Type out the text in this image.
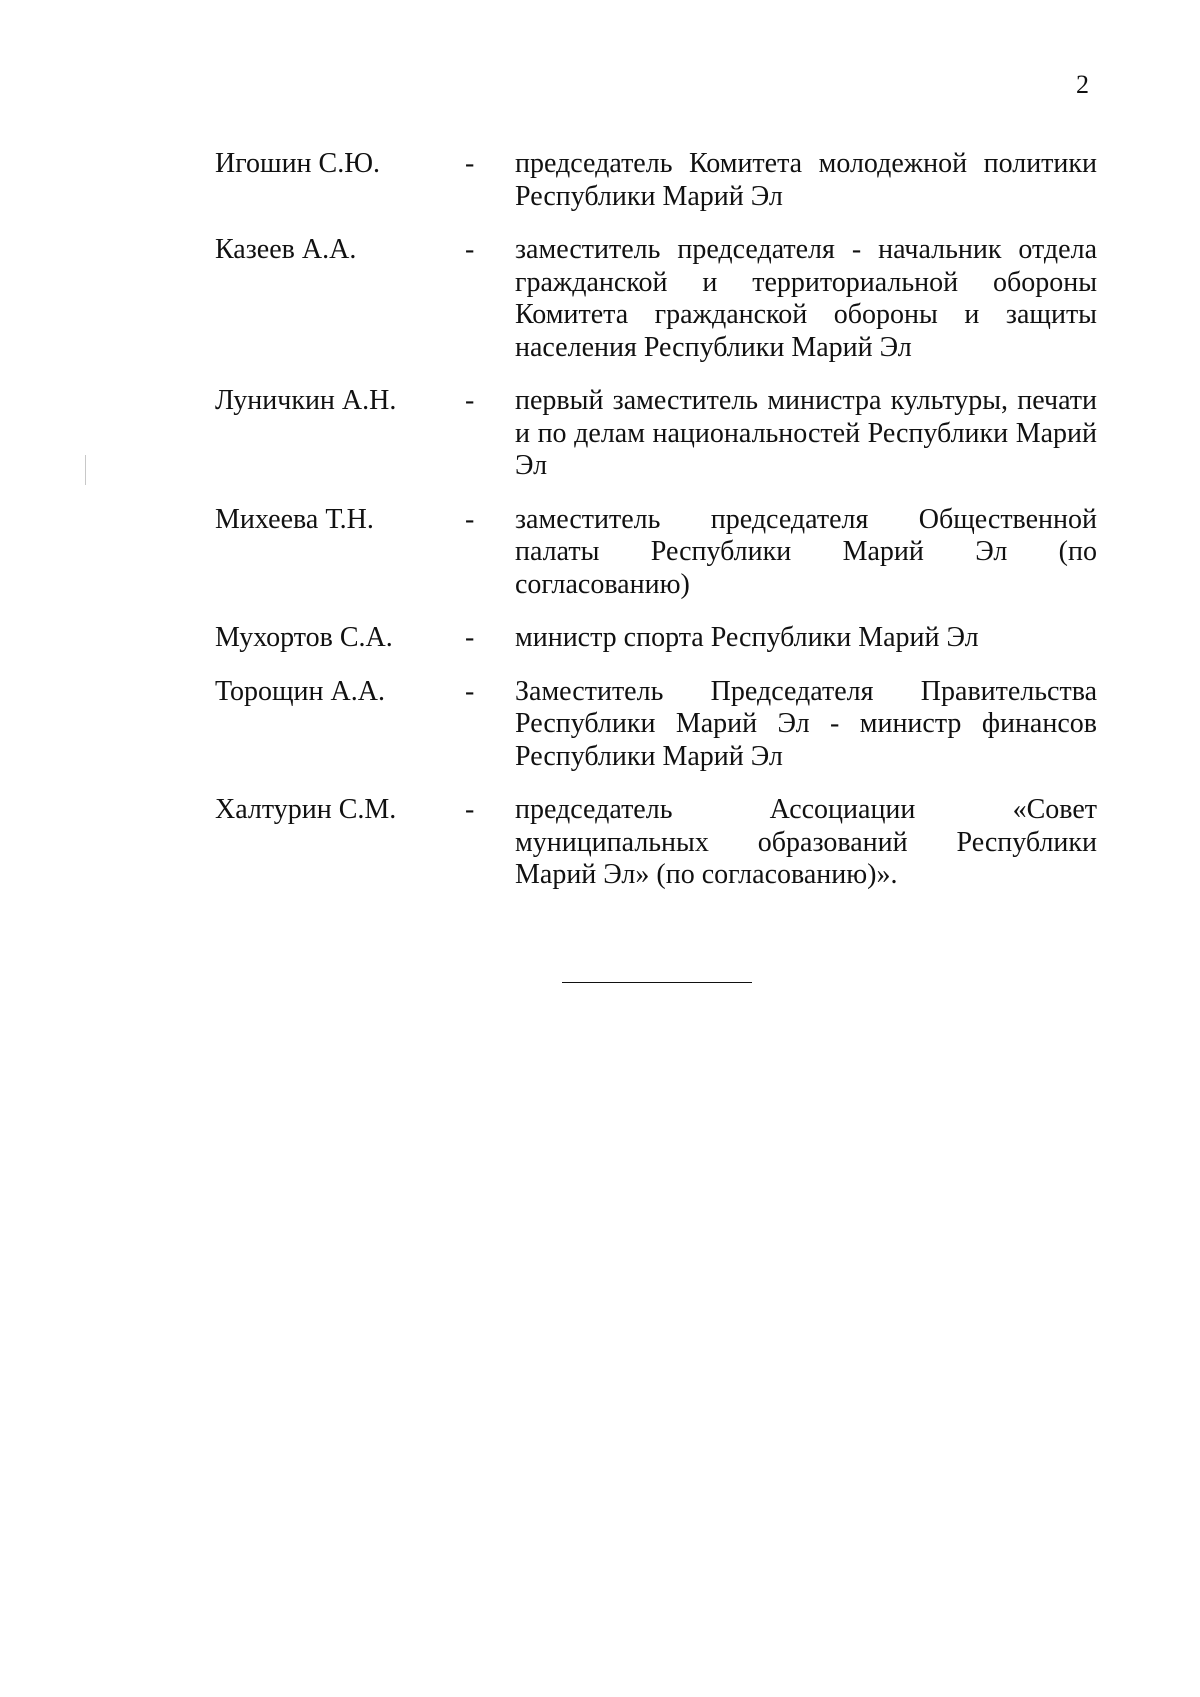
2
Игошин С.Ю.	-	председатель Комитета молодежной политики Республики Марий Эл
Казеев А.А.	-	заместитель председателя - начальник отдела гражданской и территориальной обороны Комитета гражданской обороны и защиты населения Республики Марий Эл
Луничкин А.Н.	-	первый заместитель министра культуры, печати и по делам национальностей Республики Марий Эл
Михеева Т.Н.	-	заместитель председателя Общественной палаты Республики Марий Эл (по согласованию)
Мухортов С.А.	-	министр спорта Республики Марий Эл
Торощин А.А.	-	Заместитель Председателя Правительства Республики Марий Эл - министр финансов Республики Марий Эл
Халтурин С.М.	-	председатель Ассоциации «Совет муниципальных образований Республики Марий Эл» (по согласованию)».
